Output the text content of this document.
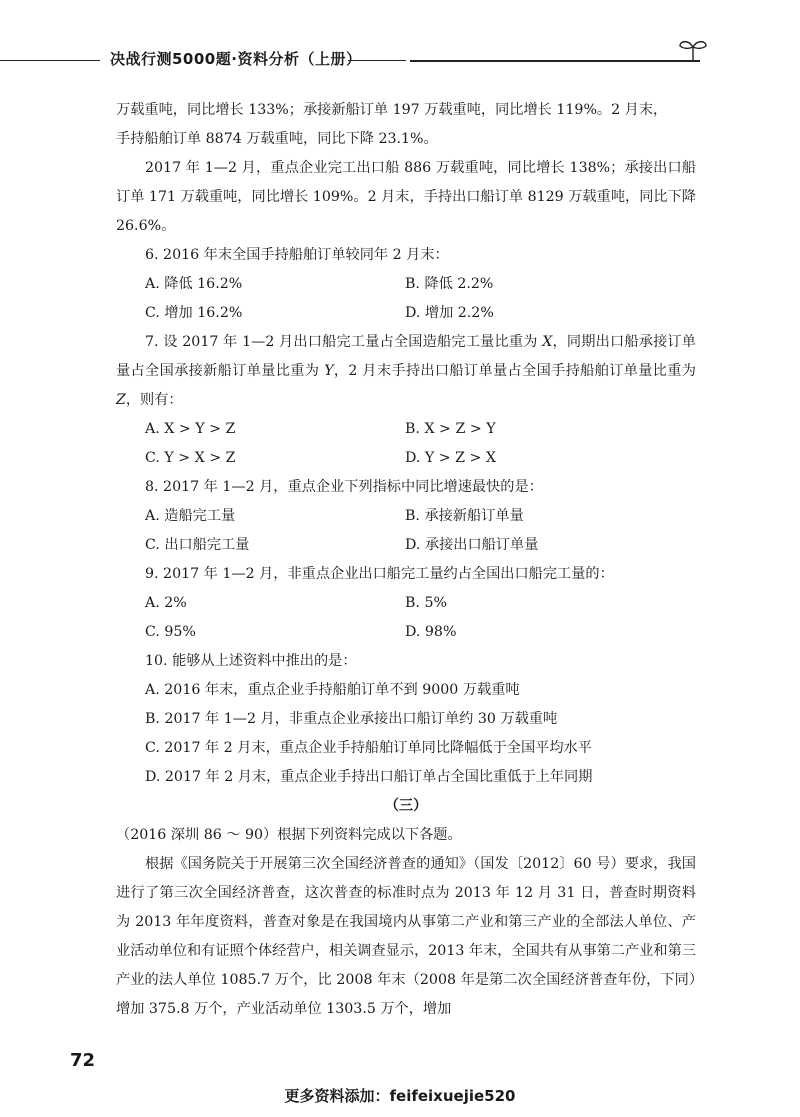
决战行测5000题·资料分析（上册）

万载重吨，同比增长 133%；承接新船订单 197 万载重吨，同比增长 119%。2 月末，

手持船舶订单 8874 万载重吨，同比下降 23.1%。

2017 年 1—2 月，重点企业完工出口船 886 万载重吨，同比增长 138%；承接出口船订单 171 万载重吨，同比增长 109%。2 月末，手持出口船订单 8129 万载重吨，同比下降 26.6%。

6. 2016 年末全国手持船舶订单较同年 2 月末：

A. 降低 16.2%	B. 降低 2.2%
C. 增加 16.2%	D. 增加 2.2%

7. 设 2017 年 1—2 月出口船完工量占全国造船完工量比重为 X，同期出口船承接订单量占全国承接新船订单量比重为 Y，2 月末手持出口船订单量占全国手持船舶订单量比重为 Z，则有：

A. X > Y > Z	B. X > Z > Y
C. Y > X > Z	D. Y > Z > X

8. 2017 年 1—2 月，重点企业下列指标中同比增速最快的是：

A. 造船完工量	B. 承接新船订单量
C. 出口船完工量	D. 承接出口船订单量

9. 2017 年 1—2 月，非重点企业出口船完工量约占全国出口船完工量的：

A. 2%	B. 5%
C. 95%	D. 98%

10. 能够从上述资料中推出的是：

A. 2016 年末，重点企业手持船舶订单不到 9000 万载重吨

B. 2017 年 1—2 月，非重点企业承接出口船订单约 30 万载重吨

C. 2017 年 2 月末，重点企业手持船舶订单同比降幅低于全国平均水平

D. 2017 年 2 月末，重点企业手持出口船订单占全国比重低于上年同期

（三）

（2016 深圳 86 ～ 90）根据下列资料完成以下各题。

根据《国务院关于开展第三次全国经济普查的通知》（国发〔2012〕60 号）要求，我国进行了第三次全国经济普查，这次普查的标准时点为 2013 年 12 月 31 日，普查时期资料为 2013 年年度资料，普查对象是在我国境内从事第二产业和第三产业的全部法人单位、产业活动单位和有证照个体经营户，相关调查显示，2013 年末，全国共有从事第二产业和第三产业的法人单位 1085.7 万个，比 2008 年末（2008 年是第二次全国经济普查年份，下同）增加 375.8 万个，产业活动单位 1303.5 万个，增加

72
更多资料添加：feifeixuejie520
